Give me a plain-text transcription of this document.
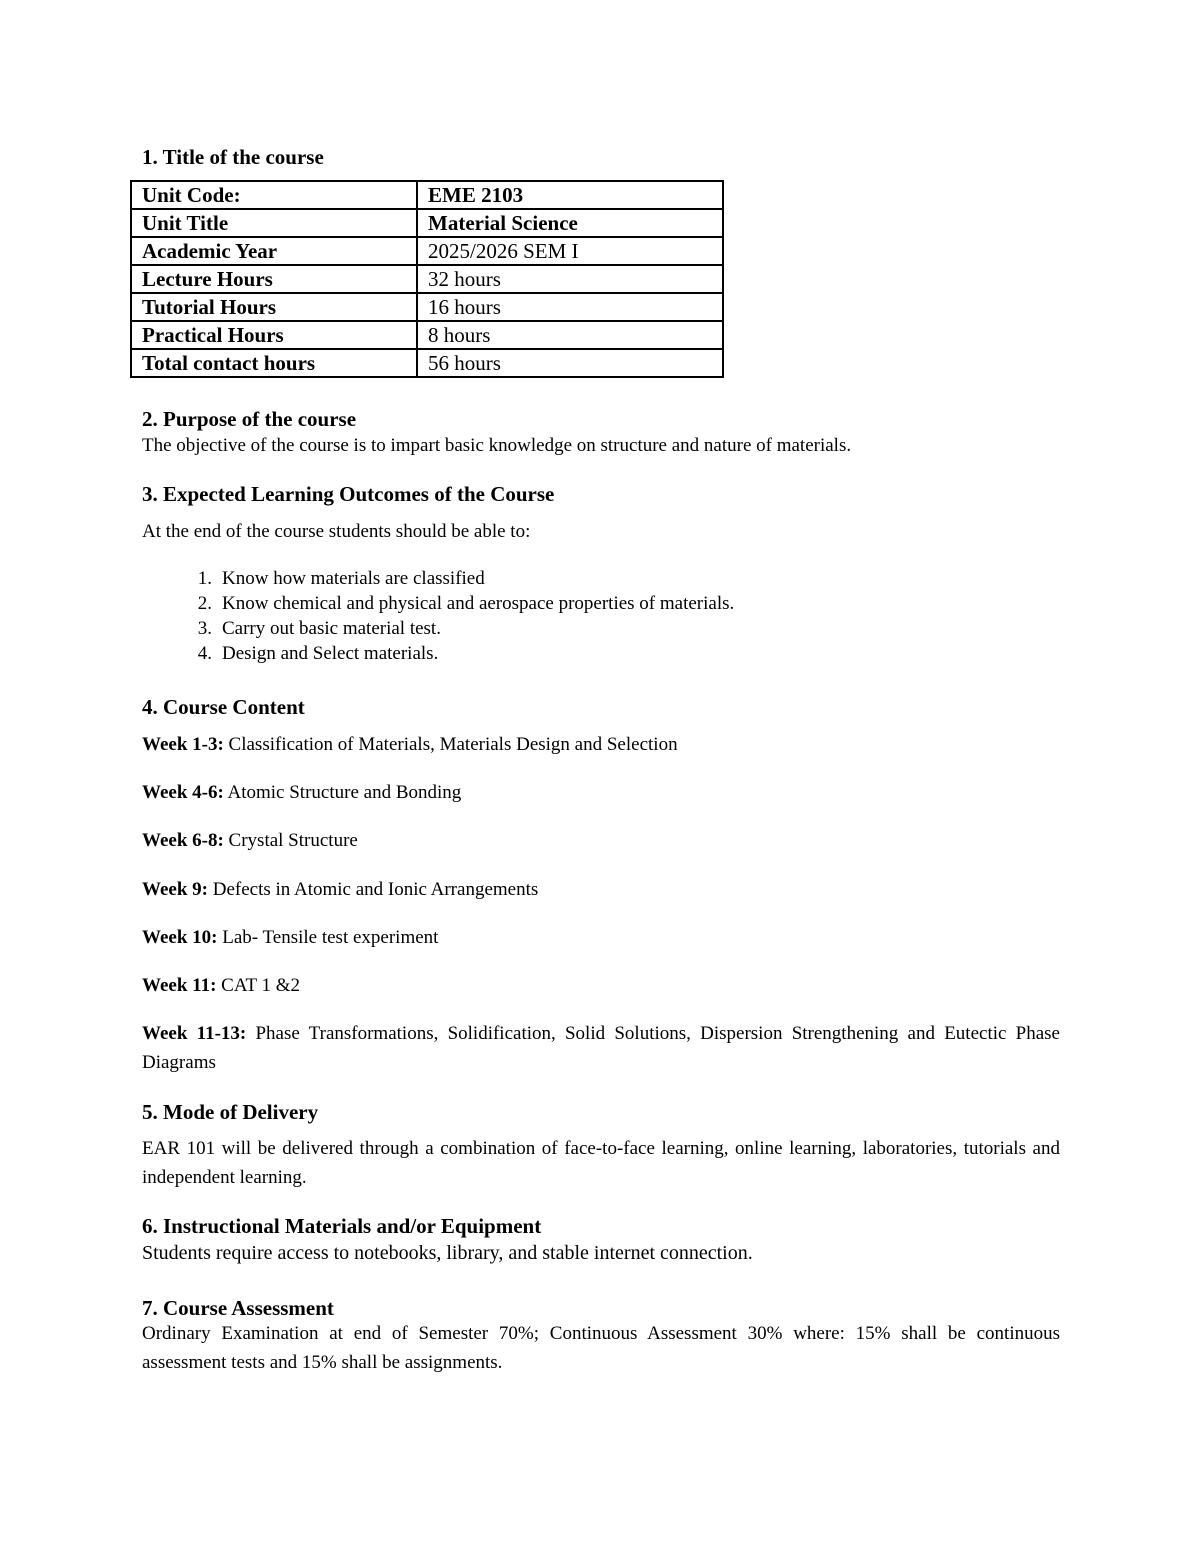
1. Title of the course
Unit Code:	EME 2103
Unit Title	Material Science
Academic Year	2025/2026 SEM I
Lecture Hours	32 hours
Tutorial Hours	16 hours
Practical Hours	8 hours
Total contact hours	56 hours
2. Purpose of the course
The objective of the course is to impart basic knowledge on structure and nature of materials.
3. Expected Learning Outcomes of the Course
At the end of the course students should be able to:
1. Know how materials are classified
2. Know chemical and physical and aerospace properties of materials.
3. Carry out basic material test.
4. Design and Select materials.
4. Course Content
Week 1-3: Classification of Materials, Materials Design and Selection
Week 4-6: Atomic Structure and Bonding
Week 6-8: Crystal Structure
Week 9: Defects in Atomic and Ionic Arrangements
Week 10: Lab- Tensile test experiment
Week 11: CAT 1 &2
Week 11-13: Phase Transformations, Solidification, Solid Solutions, Dispersion Strengthening and Eutectic Phase Diagrams
5. Mode of Delivery
EAR 101 will be delivered through a combination of face-to-face learning, online learning, laboratories, tutorials and independent learning.
6. Instructional Materials and/or Equipment
Students require access to notebooks, library, and stable internet connection.
7. Course Assessment
Ordinary Examination at end of Semester 70%; Continuous Assessment 30% where: 15% shall be continuous assessment tests and 15% shall be assignments.
